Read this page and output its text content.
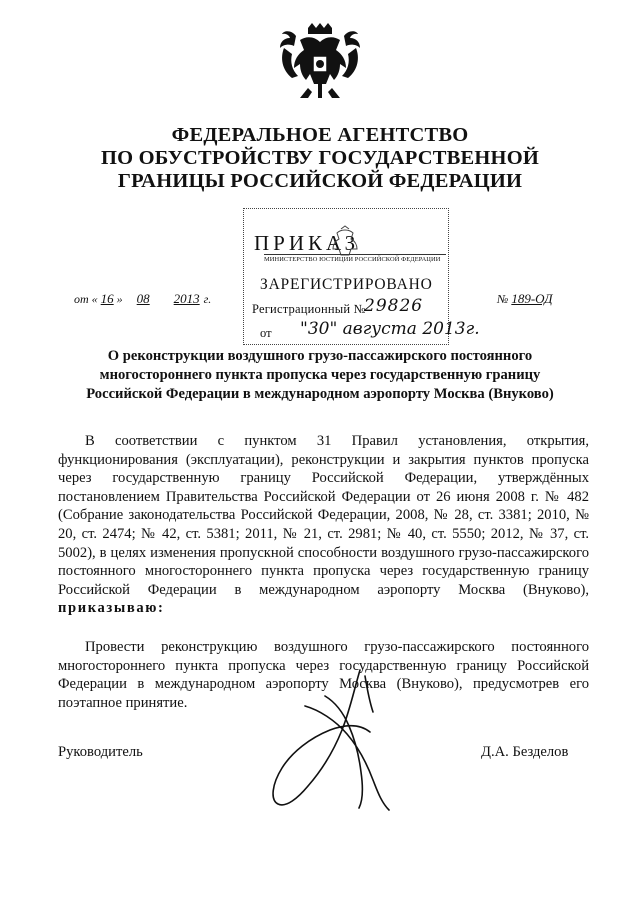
ФЕДЕРАЛЬНОЕ АГЕНТСТВО
ПО ОБУСТРОЙСТВУ ГОСУДАРСТВЕННОЙ
ГРАНИЦЫ РОССИЙСКОЙ ФЕДЕРАЦИИ
ПРИКАЗ
МИНИСТЕРСТВО ЮСТИЦИИ РОССИЙСКОЙ ФЕДЕРАЦИИ
ЗАРЕГИСТРИРОВАНО
Регистрационный №
29826
от	"30" августа 2013г.
от « 16 » 08 2013 г.	№ 189-ОД
О реконструкции воздушного грузо-пассажирского постоянного
многостороннего пункта пропуска через государственную границу
Российской Федерации в международном аэропорту Москва (Внуково)

В соответствии с пунктом 31 Правил установления, открытия, функционирования (эксплуатации), реконструкции и закрытия пунктов пропуска через государственную границу Российской Федерации, утверждённых постановлением Правительства Российской Федерации от 26 июня 2008 г. № 482 (Собрание законодательства Российской Федерации, 2008, № 28, ст. 3381; 2010, № 20, ст. 2474; № 42, ст. 5381; 2011, № 21, ст. 2981; № 40, ст. 5550; 2012, № 37, ст. 5002), в целях изменения пропускной способности воздушного грузо-пассажирского постоянного многостороннего пункта пропуска через государственную границу Российской Федерации в международном аэропорту Москва (Внуково), приказываю:

Провести реконструкцию воздушного грузо-пассажирского постоянного многостороннего пункта пропуска через государственную границу Российской Федерации в международном аэропорту Москва (Внуково), предусмотрев его поэтапное принятие.

Руководитель	Д.А. Безделов
